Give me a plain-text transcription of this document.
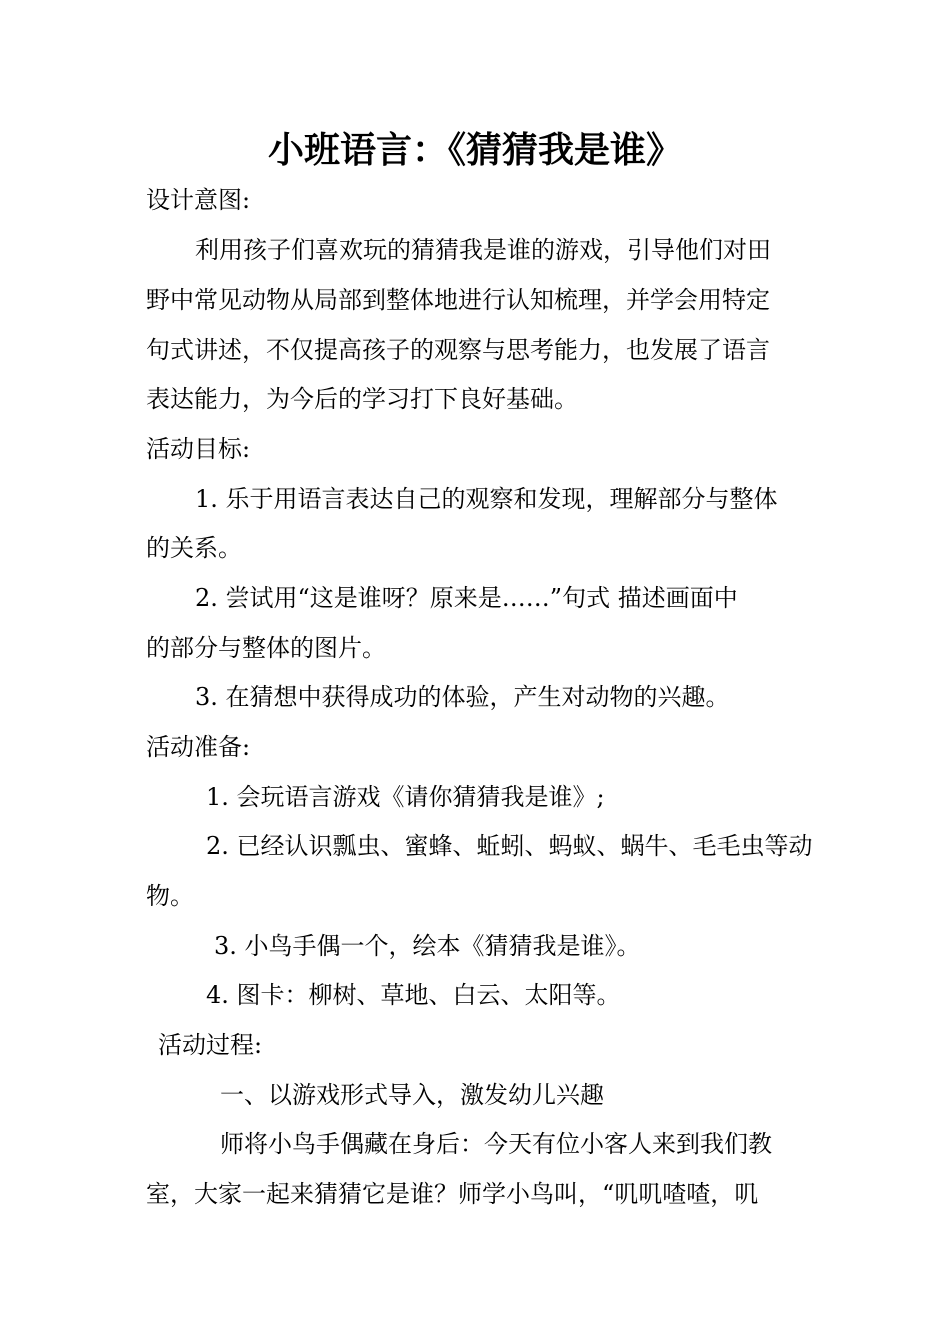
小班语言：《猜猜我是谁》
设计意图:
利用孩子们喜欢玩的猜猜我是谁的游戏，引导他们对田
野中常见动物从局部到整体地进行认知梳理，并学会用特定
句式讲述，不仅提高孩子的观察与思考能力，也发展了语言
表达能力，为今后的学习打下良好基础。
活动目标:
1. 乐于用语言表达自己的观察和发现，理解部分与整体
的关系。
2. 尝试用“这是谁呀？原来是……”句式 描述画面中
的部分与整体的图片。
3. 在猜想中获得成功的体验，产生对动物的兴趣。
活动准备:
1. 会玩语言游戏《请你猜猜我是谁》;
2. 已经认识瓢虫、蜜蜂、蚯蚓、蚂蚁、蜗牛、毛毛虫等动
物。
3. 小鸟手偶一个，绘本《猜猜我是谁》。
4. 图卡：柳树、草地、白云、太阳等。
活动过程:
一、以游戏形式导入，激发幼儿兴趣
师将小鸟手偶藏在身后：今天有位小客人来到我们教
室，大家一起来猜猜它是谁？师学小鸟叫，“叽叽喳喳，叽
